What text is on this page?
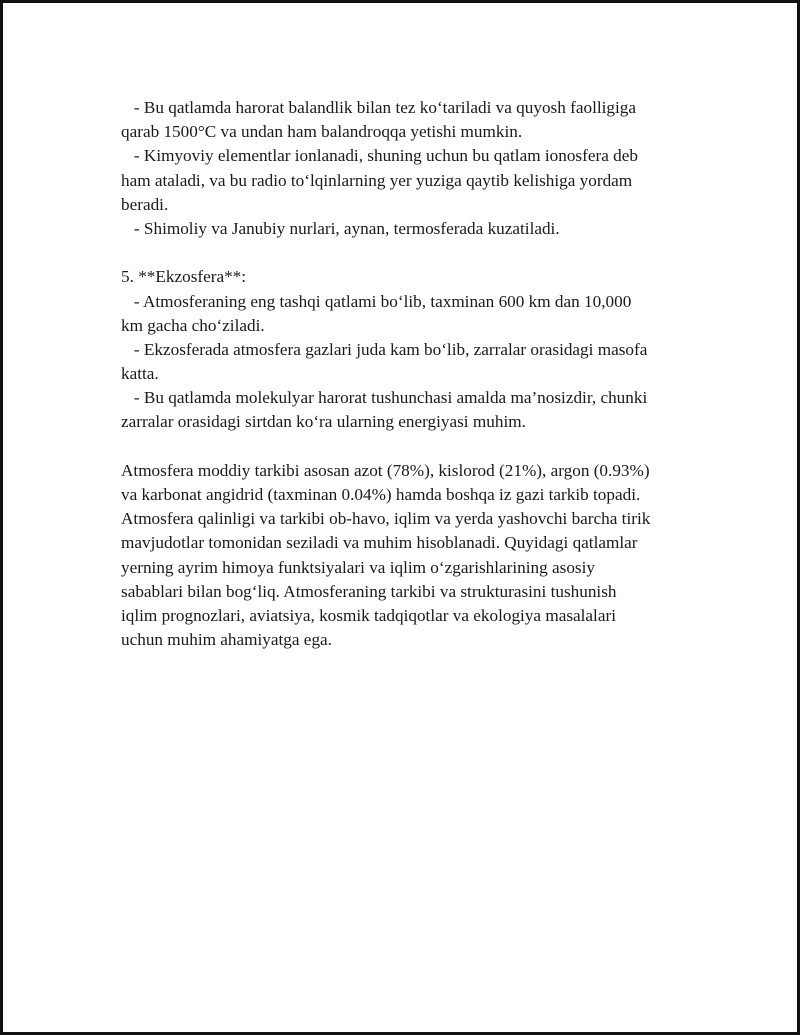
- Bu qatlamda harorat balandlik bilan tez ko‘tariladi va quyosh faolligiga
qarab 1500°C va undan ham balandroqqa yetishi mumkin.
- Kimyoviy elementlar ionlanadi, shuning uchun bu qatlam ionosfera deb
ham ataladi, va bu radio to‘lqinlarning yer yuziga qaytib kelishiga yordam
beradi.
- Shimoliy va Janubiy nurlari, aynan, termosferada kuzatiladi.
5. **Ekzosfera**:
- Atmosferaning eng tashqi qatlami bo‘lib, taxminan 600 km dan 10,000
km gacha cho‘ziladi.
- Ekzosferada atmosfera gazlari juda kam bo‘lib, zarralar orasidagi masofa
katta.
- Bu qatlamda molekulyar harorat tushunchasi amalda ma’nosizdir, chunki
zarralar orasidagi sirtdan ko‘ra ularning energiyasi muhim.
Atmosfera moddiy tarkibi asosan azot (78%), kislorod (21%), argon (0.93%)
va karbonat angidrid (taxminan 0.04%) hamda boshqa iz gazi tarkib topadi.
Atmosfera qalinligi va tarkibi ob-havo, iqlim va yerda yashovchi barcha tirik
mavjudotlar tomonidan seziladi va muhim hisoblanadi. Quyidagi qatlamlar
yerning ayrim himoya funktsiyalari va iqlim o‘zgarishlarining asosiy
sabablari bilan bog‘liq. Atmosferaning tarkibi va strukturasini tushunish
iqlim prognozlari, aviatsiya, kosmik tadqiqotlar va ekologiya masalalari
uchun muhim ahamiyatga ega.
